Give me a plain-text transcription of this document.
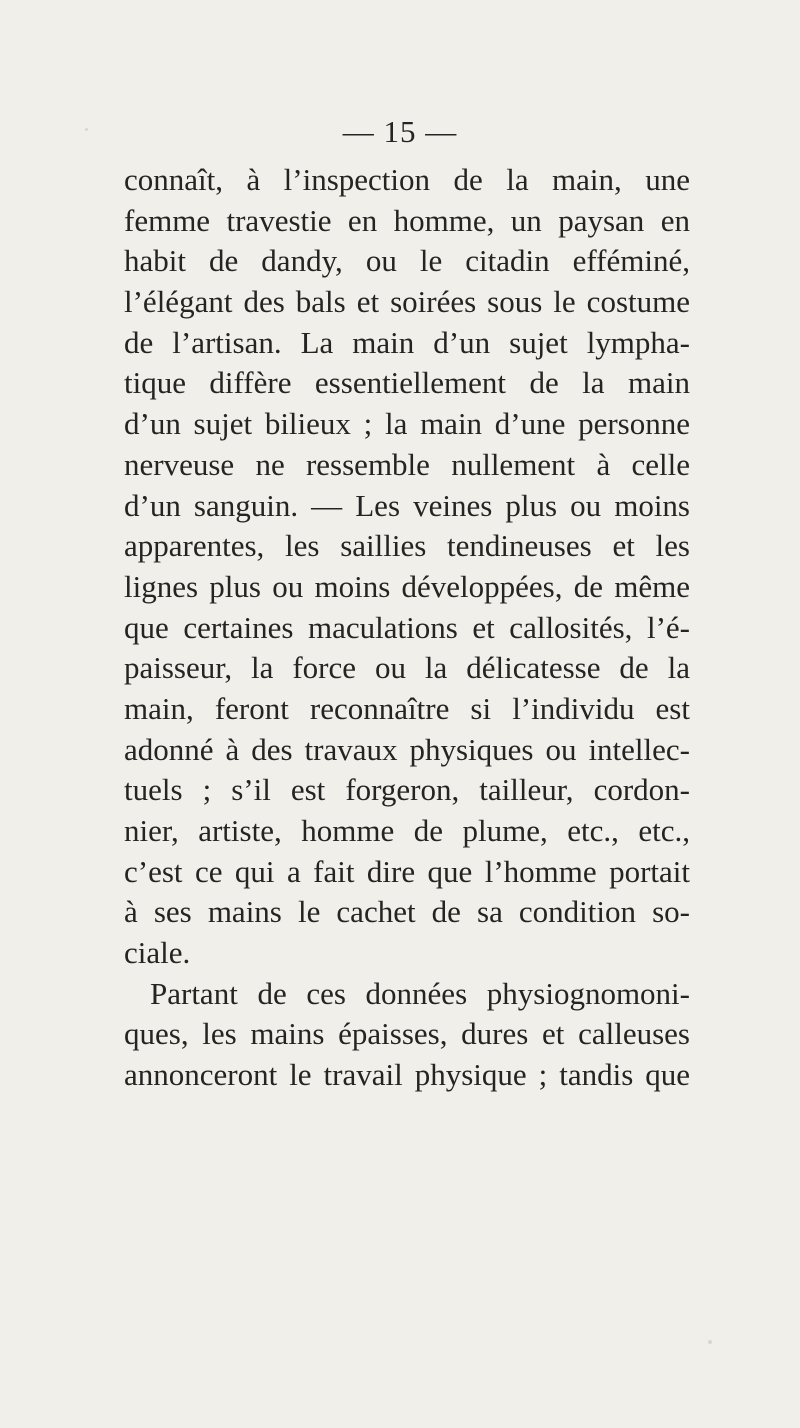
— 15 —
connaît, à l’inspection de la main, une
femme travestie en homme, un paysan en
habit de dandy, ou le citadin efféminé,
l’élégant des bals et soirées sous le costume
de l’artisan. La main d’un sujet lympha-
tique diffère essentiellement de la main
d’un sujet bilieux ; la main d’une personne
nerveuse ne ressemble nullement à celle
d’un sanguin. — Les veines plus ou moins
apparentes, les saillies tendineuses et les
lignes plus ou moins développées, de même
que certaines maculations et callosités, l’é-
paisseur, la force ou la délicatesse de la
main, feront reconnaître si l’individu est
adonné à des travaux physiques ou intellec-
tuels ; s’il est forgeron, tailleur, cordon-
nier, artiste, homme de plume, etc., etc.,
c’est ce qui a fait dire que l’homme portait
à ses mains le cachet de sa condition so-
ciale.
Partant de ces données physiognomoni-
ques, les mains épaisses, dures et calleuses
annonceront le travail physique ; tandis que
